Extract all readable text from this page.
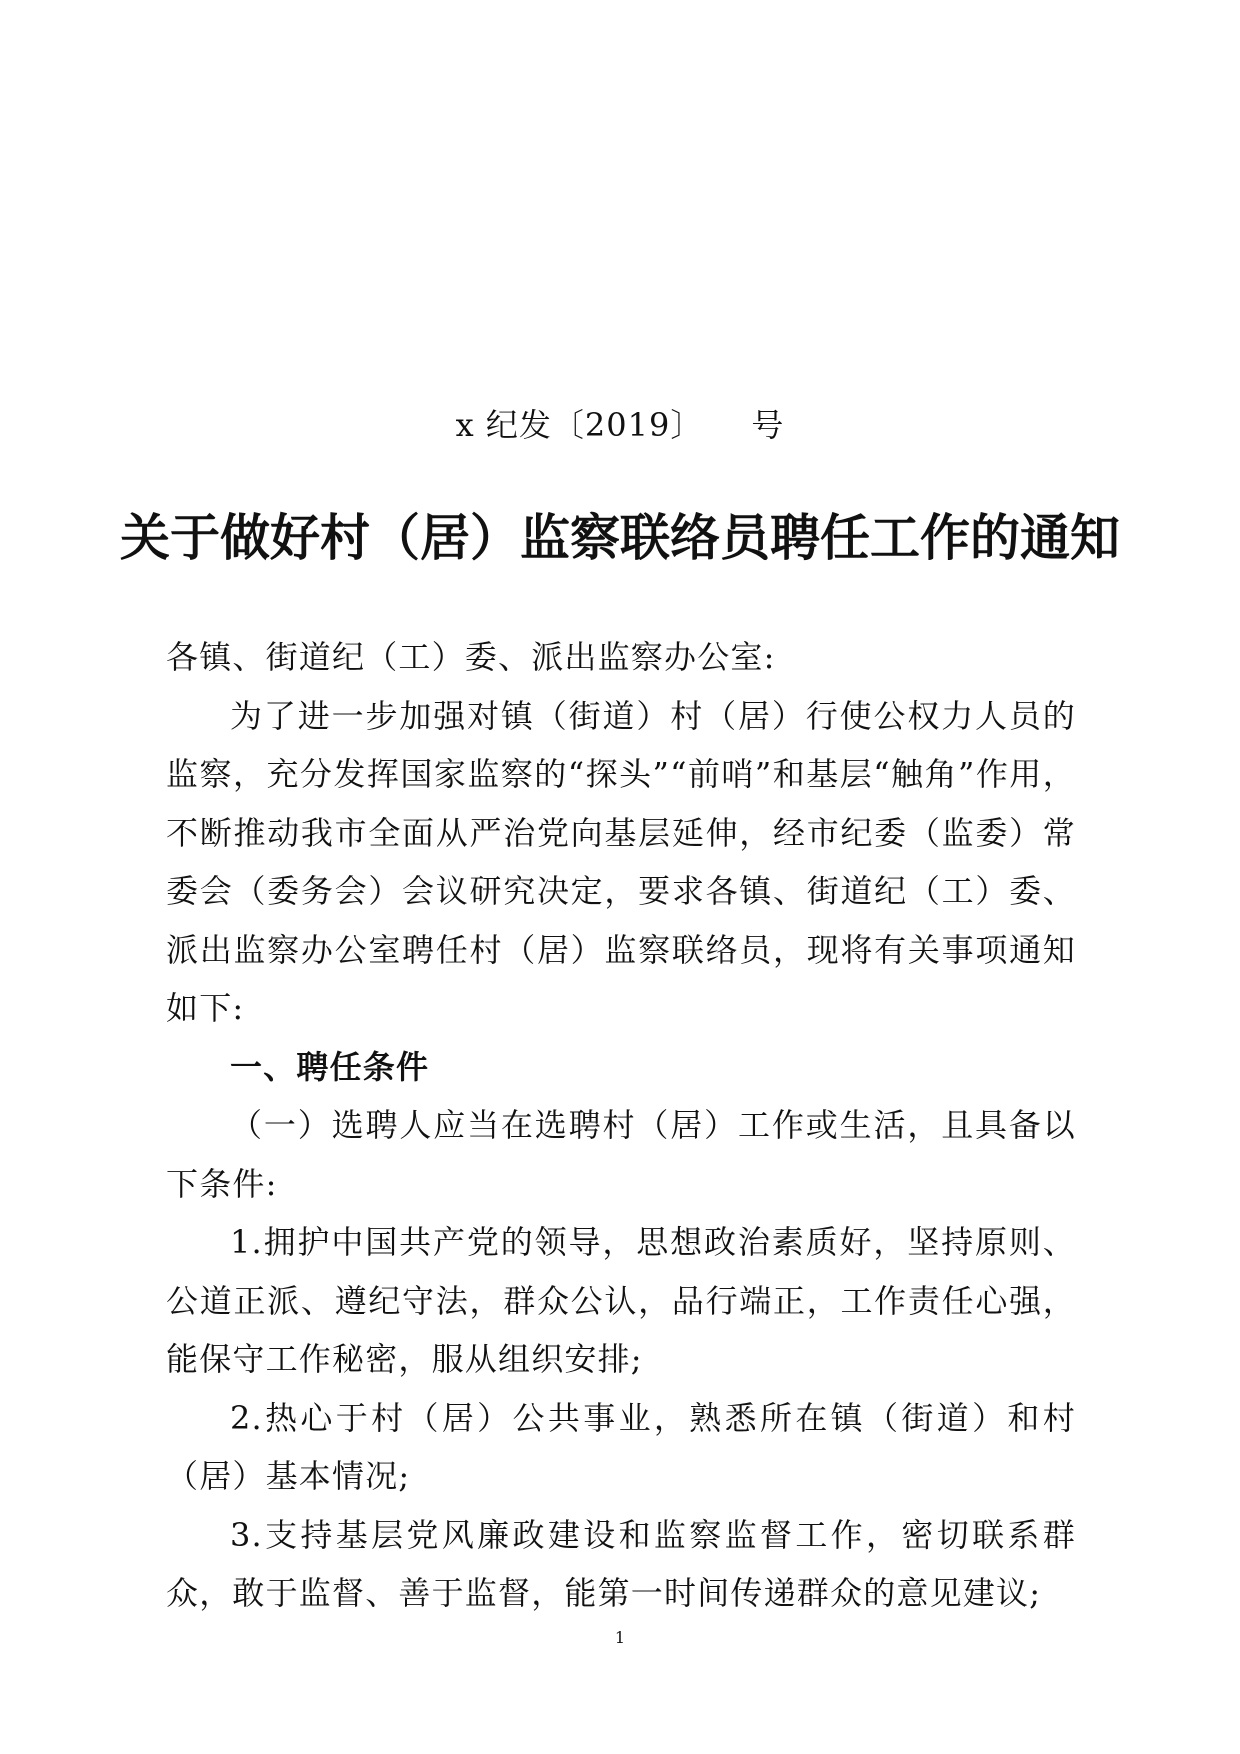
x 纪发〔2019〕 号
关于做好村（居）监察联络员聘任工作的通知

各镇、街道纪（工）委、派出监察办公室:

为了进一步加强对镇（街道）村（居）行使公权力人员的监察，充分发挥国家监察的“探头”“前哨”和基层“触角”作用，不断推动我市全面从严治党向基层延伸，经市纪委（监委）常委会（委务会）会议研究决定，要求各镇、街道纪（工）委、派出监察办公室聘任村（居）监察联络员，现将有关事项通知如下:

一、聘任条件

（一）选聘人应当在选聘村（居）工作或生活，且具备以下条件:

1.拥护中国共产党的领导，思想政治素质好，坚持原则、公道正派、遵纪守法，群众公认，品行端正，工作责任心强，能保守工作秘密，服从组织安排;

2.热心于村（居）公共事业，熟悉所在镇（街道）和村（居）基本情况;

3.支持基层党风廉政建设和监察监督工作，密切联系群众，敢于监督、善于监督，能第一时间传递群众的意见建议;

1
